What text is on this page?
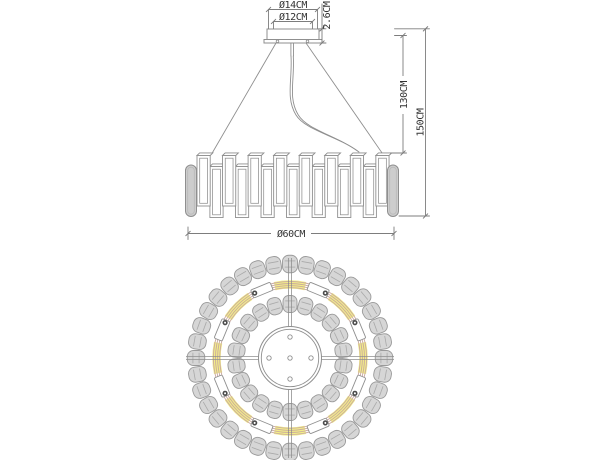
Ø14CM
Ø12CM 2.6CM
130CM
150CM
Ø60CM
